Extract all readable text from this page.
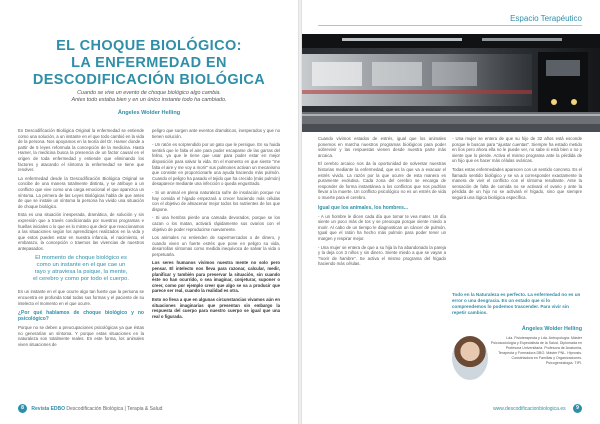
EL CHOQUE BIOLÓGICO:
LA ENFERMEDAD EN
DESCODIFICACIÓN BIOLÓGICA
Cuando se vive un evento de choque biológico algo cambia.
Antes todo estaba bien y en un único instante todo ha cambiado.
Ángeles Wolder Helling

En Descodificación Biológica Original la enfermedad se entiende como una solución, a un instante en el que todo cambió en la vida de la persona. Nos apoyamos en la teoría del Dr. Hamer donde a partir de 5 leyes reformula la concepción de la medicina. Hasta Hamer, la medicina busca la presencia de un factor causal en el origen de toda enfermedad y entiende que eliminando los factores y atacando el síntoma la enfermedad se tiene que resolver.

La enfermedad desde la Descodificación Biológica Original se concibe de una manera totalmente distinta, y se atribuye a un conflicto que vive como una carga emocional el que aparezca un síntoma. La primera de las Leyes Biológicas habla de que antes de que se instale un síntoma la persona ha vivido una situación de choque biológico.

Esta es una situación inesperada, dramática, de solución y sin expresión que a través condicionada por nuestros programas e huellas iniciales o lo que es lo mismo que decir que reaccionamos a las situaciones según los aprendizajes realizados en la vida y que estos pueden estar en nuestra infancia, el nacimiento, el embarazo, la concepción o traemos las vivencias de nuestros antepasados.

El momento de choque biológico es
como un instante en el que cae un
rayo y atraviesa la psique, la mente,
el cerebro y como por todo el cuerpo.

Es un instante en el que ocurre algo tan fuerte que la persona se encuentra en profunda total todas sus formas y el paciente de su intelecto el momento en el que ocurre.

¿Por qué hablamos de choque biológico y no psicológico?

Porque no se deben a preocupaciones psicológicas ya que éstas no generarían un síntoma. Y porque estas situaciones en la naturaleza son totalmente reales. En este forma, los animales viven situaciones de

peligro que surgen ante eventos dramáticos, inesperados y que no tienen solución.

- Un ratón es sorprendido por un gato que le persigue. En su huida sentirá que le falta el aire para poder escaparse de las garras del felino, ya que le tiene que usar para poder estar en mejor disposición para salvar la vida. En el momento en que siente "me falta el aire y me voy a morir" sus pulmones activan un mecanismo que consiste en proporcionarle una ayuda haciendo más pulmón. Cuando el peligro ha pasado el tejido que ha crecido (más pulmón) desaparece mediante una infección o queda engustrado.

- Si un animal en plena naturaleza sufre de insolación porque no hay comida el hígado empezará a crecer haciendo más células con el objetivo de almacenar mejor todos los nutrientes de los que dispone.

- Si una hembra pierde una camada devorados, porque se los cazan o los matan, activará rápidamente sus ovarios con el objetivo de poder reproducirse nuevamente.

Los animales no entienden de supermercados o de dinero, y cuando viven un fuerte estrés que pone en peligro su vida, desarrollan síntomas como medida inequívoca de salvar la vida o perpetuarla.

Los seres humanos vivimos nuestra mente no solo pero pensar. El intelecto nos lleva para razonar, calcular, medir, planificar y también para preservar la situación, sin cuando éste no han ocurrido, o sea imaginar, conjeturar, suponer o creer, como por ejemplo creer que algo se va a producir que parece ser real, cuando la realidad es otra.

Esto no lleva a que en algunas circunstancias vivamos aún en situaciones imaginarias que presentan sin embargo la respuesta del cuerpo para nuestro cuerpo se igual que una real o figurada.

8 Revista EDBO Descodificación Biológica | Terapia & Salud
Espacio Terapéutico

Cuando vivimos estados de estrés, igual que los animales ponemos en marcha nuestros programas biológicos para poder sobrevivir y las respuestas vienen desde nuestra parte más arcaica.

El cerebro arcaico nos da la oportunidad de solventar nuestras historias mediante la enfermedad, que es la que va a evacuar el estrés vivido. La razón por la que ocurre de esta manera es puramente evolutiva. Cada zona del cerebro se encarga de responder de forma instantánea a los conflictos que nos podrían llevar a la muerte. Un conflicto psicológico no es un estrés de vida o muerte para el cerebro.

Igual que los animales, los hombres...

- A un hombre le dicen cada día que tomar te vea mater. Un día siente un poco más de tos y se preocupa porque siente miedo a morir. Al cabo de un tiempo le diagnostican un cáncer de pulmón. Igual que el ratón ha hecho más pulmón para poder tener un margen y respirar mejor.

- Una mujer se entera de que a su hija la ha abandonado la pareja y la deja con 3 niños y sin dinero. Siente miedo a que se vayan a "morir de hambre". Se activa el mismo programa del hígado haciendo más células.

- Una mujer se entera de que su hijo de 32 años está esconde porque le buscan para "ajustar cuentas". Siempre ha estado metido en líos pero ahora ella no le puede ver, no sabe si está bien o no y siente que lo pierde. Activa el mismo programa ante la pérdida de un hijo que es hacer más células ováricas.

Todas estas enfermedades aparecen con un sentido concreto. Es el llamado sentido biológico y se va a corresponder exactamente la manera de vivir el conflicto con el síntoma resultante. Ante la sensación de falta de comida no se activará el ovario y ante la pérdida de un hijo no se activará el hígado, sino que siempre seguirá una lógica biológica específica.

Todo en la Naturaleza es perfecto. La enfermedad no es un error o una desgracia. Es un estado que si lo comprendemos lo podemos trascender. Para vivir sin repetir cambios.
Ángeles Wolder Helling
Lda. Fisioterapeuta y Lda. Antropología. Máster Psicosociología y Especialista de la Salud. Diplomada en Profesora Universitaria. Profesora de Anatomía, Terapeuta y Formadora DBO. Máster PNL. Hipnosis. Consteladora en Familias y Organizaciones. Psicogenealogía. TIPI.
www.descodificacionbiologica.es 9
